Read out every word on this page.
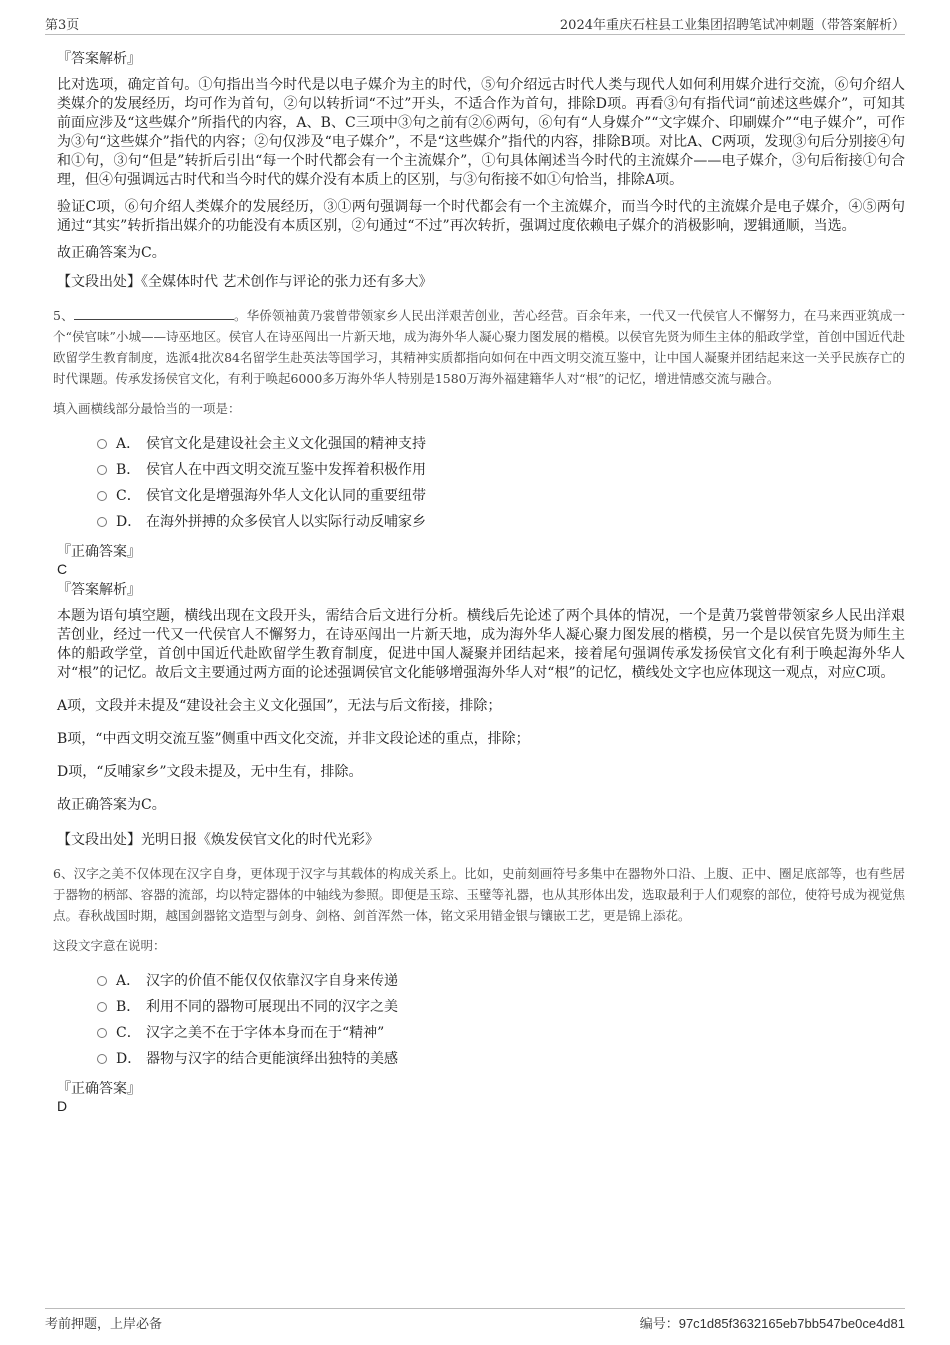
第3页	2024年重庆石柱县工业集团招聘笔试冲刺题（带答案解析）
『答案解析』

比对选项，确定首句。①句指出当今时代是以电子媒介为主的时代，⑤句介绍远古时代人类与现代人如何利用媒介进行交流，⑥句介绍人类媒介的发展经历，均可作为首句，②句以转折词“不过”开头，不适合作为首句，排除D项。再看③句有指代词“前述这些媒介”，可知其前面应涉及“这些媒介”所指代的内容，A、B、C三项中③句之前有②⑥两句，⑥句有“人身媒介”“文字媒介、印刷媒介”“电子媒介”，可作为③句“这些媒介”指代的内容；②句仅涉及“电子媒介”，不是“这些媒介”指代的内容，排除B项。对比A、C两项，发现③句后分别接④句和①句，③句“但是”转折后引出“每一个时代都会有一个主流媒介”，①句具体阐述当今时代的主流媒介——电子媒介，③句后衔接①句合理，但④句强调远古时代和当今时代的媒介没有本质上的区别，与③句衔接不如①句恰当，排除A项。

验证C项，⑥句介绍人类媒介的发展经历，③①两句强调每一个时代都会有一个主流媒介，而当今时代的主流媒介是电子媒介，④⑤两句通过“其实”转折指出媒介的功能没有本质区别，②句通过“不过”再次转折，强调过度依赖电子媒介的消极影响，逻辑通顺，当选。

故正确答案为C。

【文段出处】《全媒体时代 艺术创作与评论的张力还有多大》

5、	。华侨领袖黄乃裳曾带领家乡人民出洋艰苦创业，苦心经营。百余年来，一代又一代侯官人不懈努力，在马来西亚筑成一个“侯官味”小城——诗巫地区。侯官人在诗巫闯出一片新天地，成为海外华人凝心聚力图发展的楷模。以侯官先贤为师生主体的船政学堂，首创中国近代赴欧留学生教育制度，选派4批次84名留学生赴英法等国学习，其精神实质都指向如何在中西文明交流互鉴中，让中国人凝聚并团结起来这一关乎民族存亡的时代课题。传承发扬侯官文化，有利于唤起6000多万海外华人特别是1580万海外福建籍华人对“根”的记忆，增进情感交流与融合。

填入画横线部分最恰当的一项是：

A． 侯官文化是建设社会主义文化强国的精神支持
B． 侯官人在中西文明交流互鉴中发挥着积极作用
C． 侯官文化是增强海外华人文化认同的重要纽带
D． 在海外拼搏的众多侯官人以实际行动反哺家乡
『正确答案』
C
『答案解析』

本题为语句填空题，横线出现在文段开头，需结合后文进行分析。横线后先论述了两个具体的情况，一个是黄乃裳曾带领家乡人民出洋艰苦创业，经过一代又一代侯官人不懈努力，在诗巫闯出一片新天地，成为海外华人凝心聚力图发展的楷模，另一个是以侯官先贤为师生主体的船政学堂，首创中国近代赴欧留学生教育制度，促进中国人凝聚并团结起来，接着尾句强调传承发扬侯官文化有利于唤起海外华人对“根”的记忆。故后文主要通过两方面的论述强调侯官文化能够增强海外华人对“根”的记忆，横线处文字也应体现这一观点，对应C项。

A项，文段并未提及“建设社会主义文化强国”，无法与后文衔接，排除；

B项，“中西文明交流互鉴”侧重中西文化交流，并非文段论述的重点，排除；

D项，“反哺家乡”文段未提及，无中生有，排除。

故正确答案为C。

【文段出处】光明日报《焕发侯官文化的时代光彩》

6、汉字之美不仅体现在汉字自身，更体现于汉字与其载体的构成关系上。比如，史前刻画符号多集中在器物外口沿、上腹、正中、圈足底部等，也有些居于器物的柄部、容器的流部，均以特定器体的中轴线为参照。即便是玉琮、玉璧等礼器，也从其形体出发，选取最利于人们观察的部位，使符号成为视觉焦点。春秋战国时期，越国剑器铭文造型与剑身、剑格、剑首浑然一体，铭文采用错金银与镶嵌工艺，更是锦上添花。

这段文字意在说明：

A． 汉字的价值不能仅仅依靠汉字自身来传递
B． 利用不同的器物可展现出不同的汉字之美
C． 汉字之美不在于字体本身而在于“精神”
D． 器物与汉字的结合更能演绎出独特的美感
『正确答案』
D
考前押题，上岸必备	编号：97c1d85f3632165eb7bb547be0ce4d81
